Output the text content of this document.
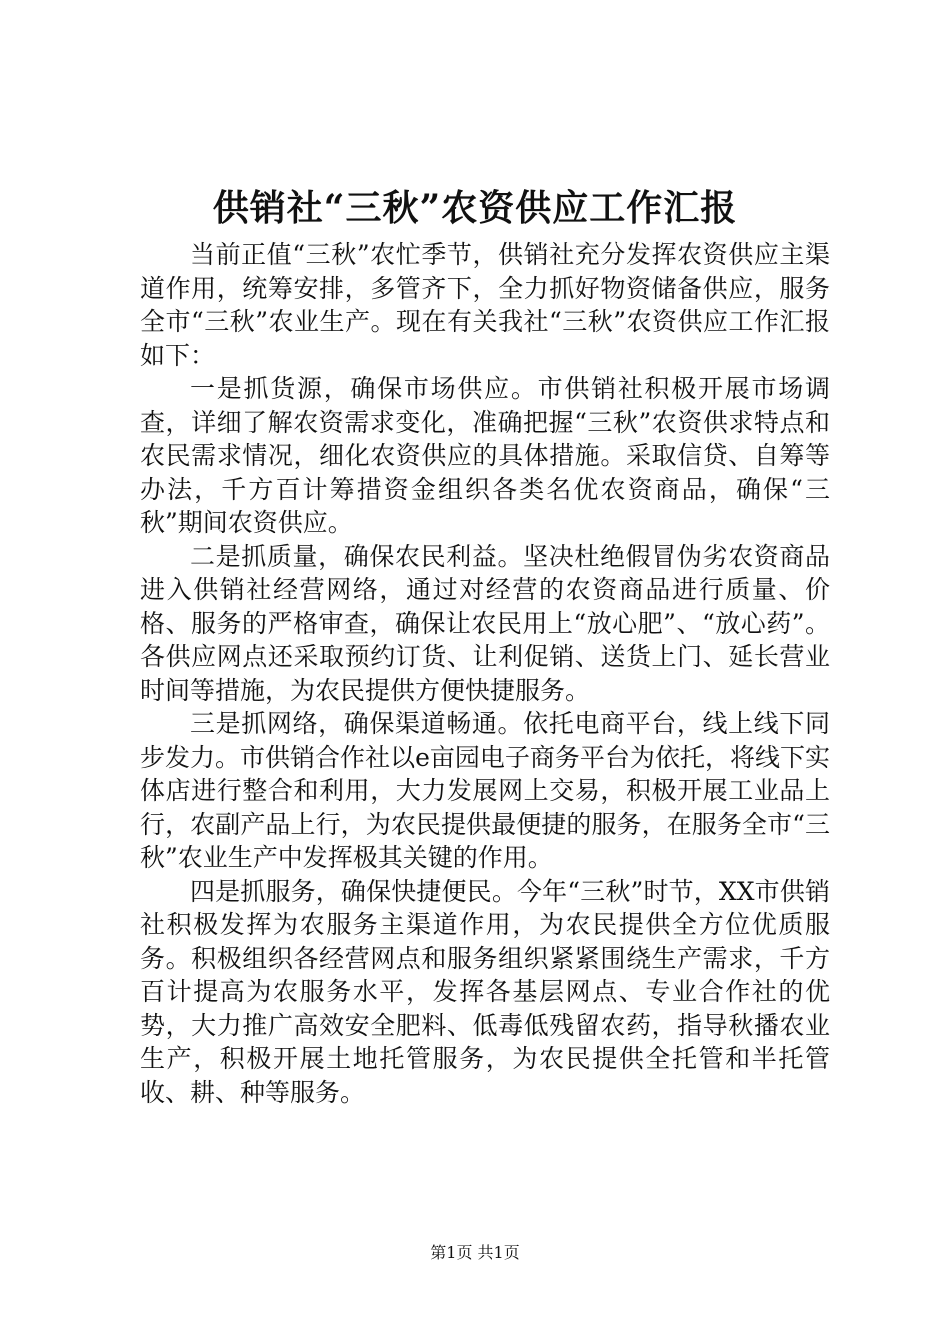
供销社“三秋”农资供应工作汇报

当前正值“三秋”农忙季节，供销社充分发挥农资供应主渠道作用，统筹安排，多管齐下，全力抓好物资储备供应，服务全市“三秋”农业生产。现在有关我社“三秋”农资供应工作汇报如下：

一是抓货源，确保市场供应。市供销社积极开展市场调查，详细了解农资需求变化，准确把握“三秋”农资供求特点和农民需求情况，细化农资供应的具体措施。采取信贷、自筹等办法，千方百计筹措资金组织各类名优农资商品，确保“三秋”期间农资供应。

二是抓质量，确保农民利益。坚决杜绝假冒伪劣农资商品进入供销社经营网络，通过对经营的农资商品进行质量、价格、服务的严格审查，确保让农民用上“放心肥”、“放心药”。各供应网点还采取预约订货、让利促销、送货上门、延长营业时间等措施，为农民提供方便快捷服务。

三是抓网络，确保渠道畅通。依托电商平台，线上线下同步发力。市供销合作社以e亩园电子商务平台为依托，将线下实体店进行整合和利用，大力发展网上交易，积极开展工业品上行，农副产品上行，为农民提供最便捷的服务，在服务全市“三秋”农业生产中发挥极其关键的作用。

四是抓服务，确保快捷便民。今年“三秋”时节，XX市供销社积极发挥为农服务主渠道作用，为农民提供全方位优质服务。积极组织各经营网点和服务组织紧紧围绕生产需求，千方百计提高为农服务水平，发挥各基层网点、专业合作社的优势，大力推广高效安全肥料、低毒低残留农药，指导秋播农业生产，积极开展土地托管服务，为农民提供全托管和半托管收、耕、种等服务。

第1页 共1页
